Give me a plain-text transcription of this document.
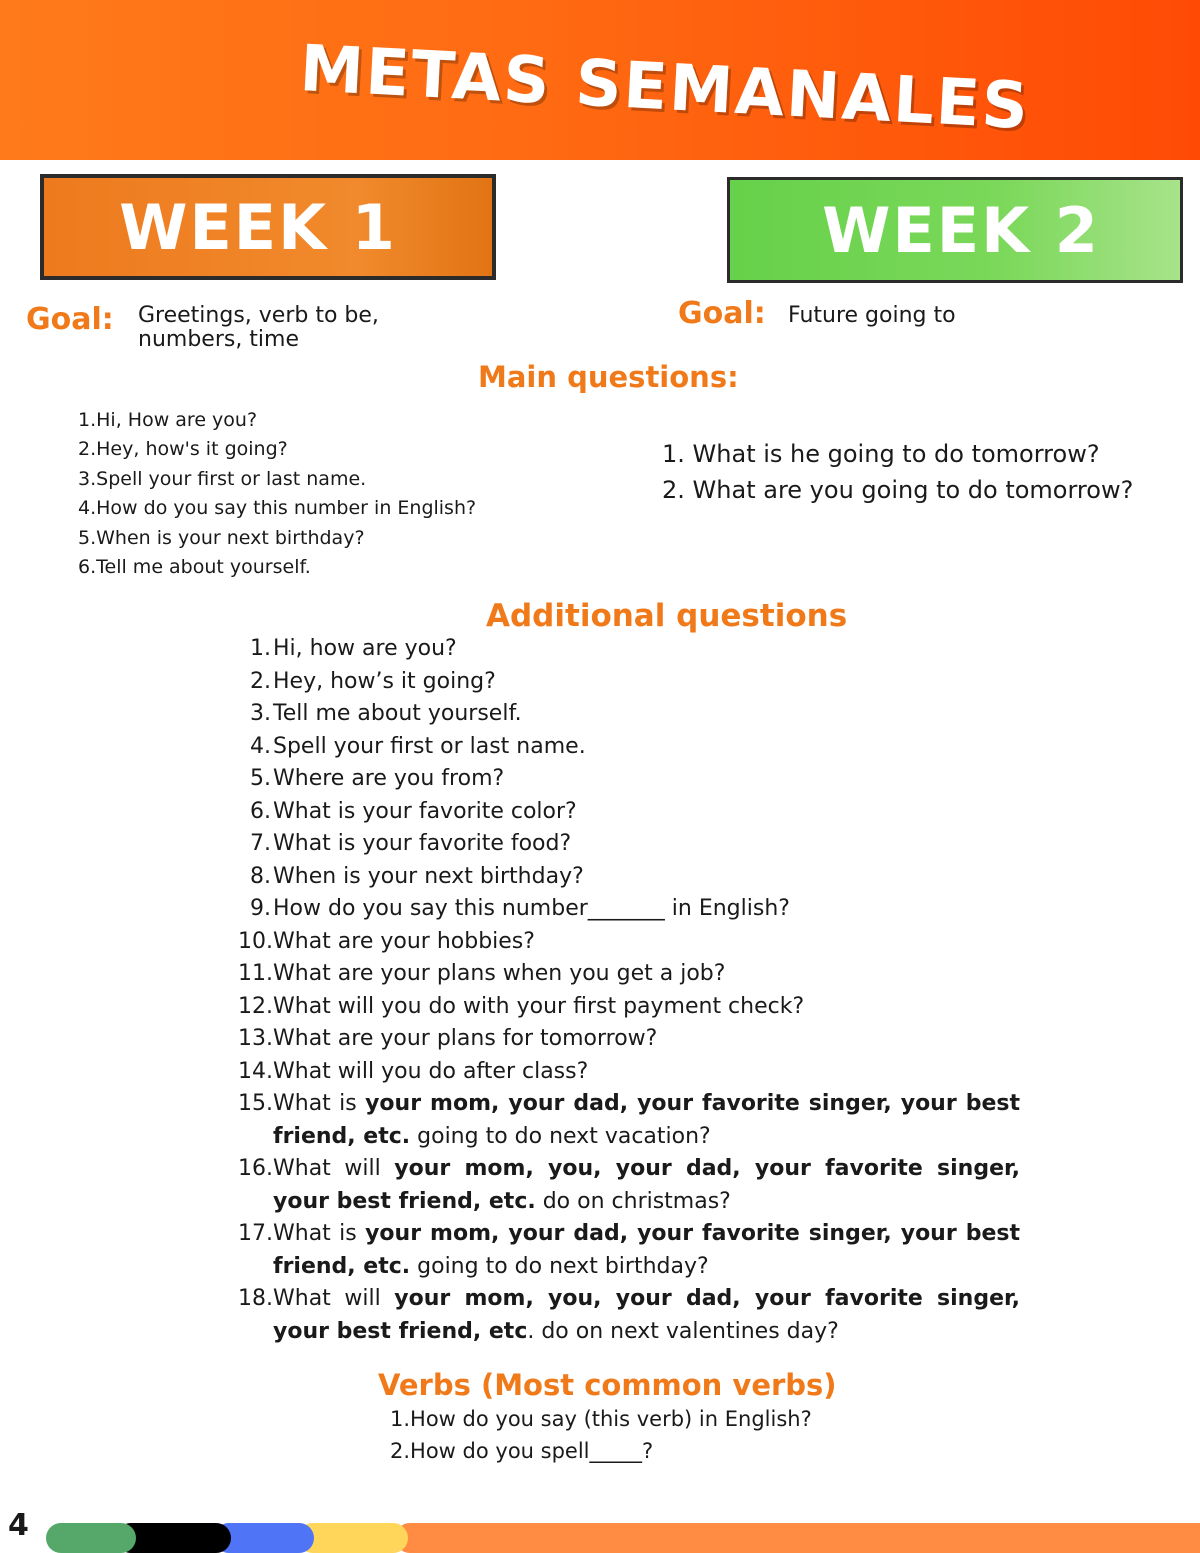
METAS SEMANALES
WEEK 1	WEEK 2
Goal: Greetings, verb to be,
numbers, time
Goal: Future going to
Main questions:
1.Hi, How are you?
2.Hey, how's it going?
3.Spell your first or last name.
4.How do you say this number in English?
5.When is your next birthday?
6.Tell me about yourself.
1. What is he going to do tomorrow?
2. What are you going to do tomorrow?
Additional questions
1. Hi, how are you?
2. Hey, how’s it going?
3. Tell me about yourself.
4. Spell your first or last name.
5. Where are you from?
6. What is your favorite color?
7. What is your favorite food?
8. When is your next birthday?
9. How do you say this number_______ in English?
10. What are your hobbies?
11. What are your plans when you get a job?
12. What will you do with your first payment check?
13. What are your plans for tomorrow?
14. What will you do after class?
15. What is your mom, your dad, your favorite singer, your best friend, etc. going to do next vacation?
16. What will your mom, you, your dad, your favorite singer, your best friend, etc. do on christmas?
17. What is your mom, your dad, your favorite singer, your best friend, etc. going to do next birthday?
18. What will your mom, you, your dad, your favorite singer, your best friend, etc. do on next valentines day?
Verbs (Most common verbs)
1.How do you say (this verb) in English?
2.How do you spell_____?
4
